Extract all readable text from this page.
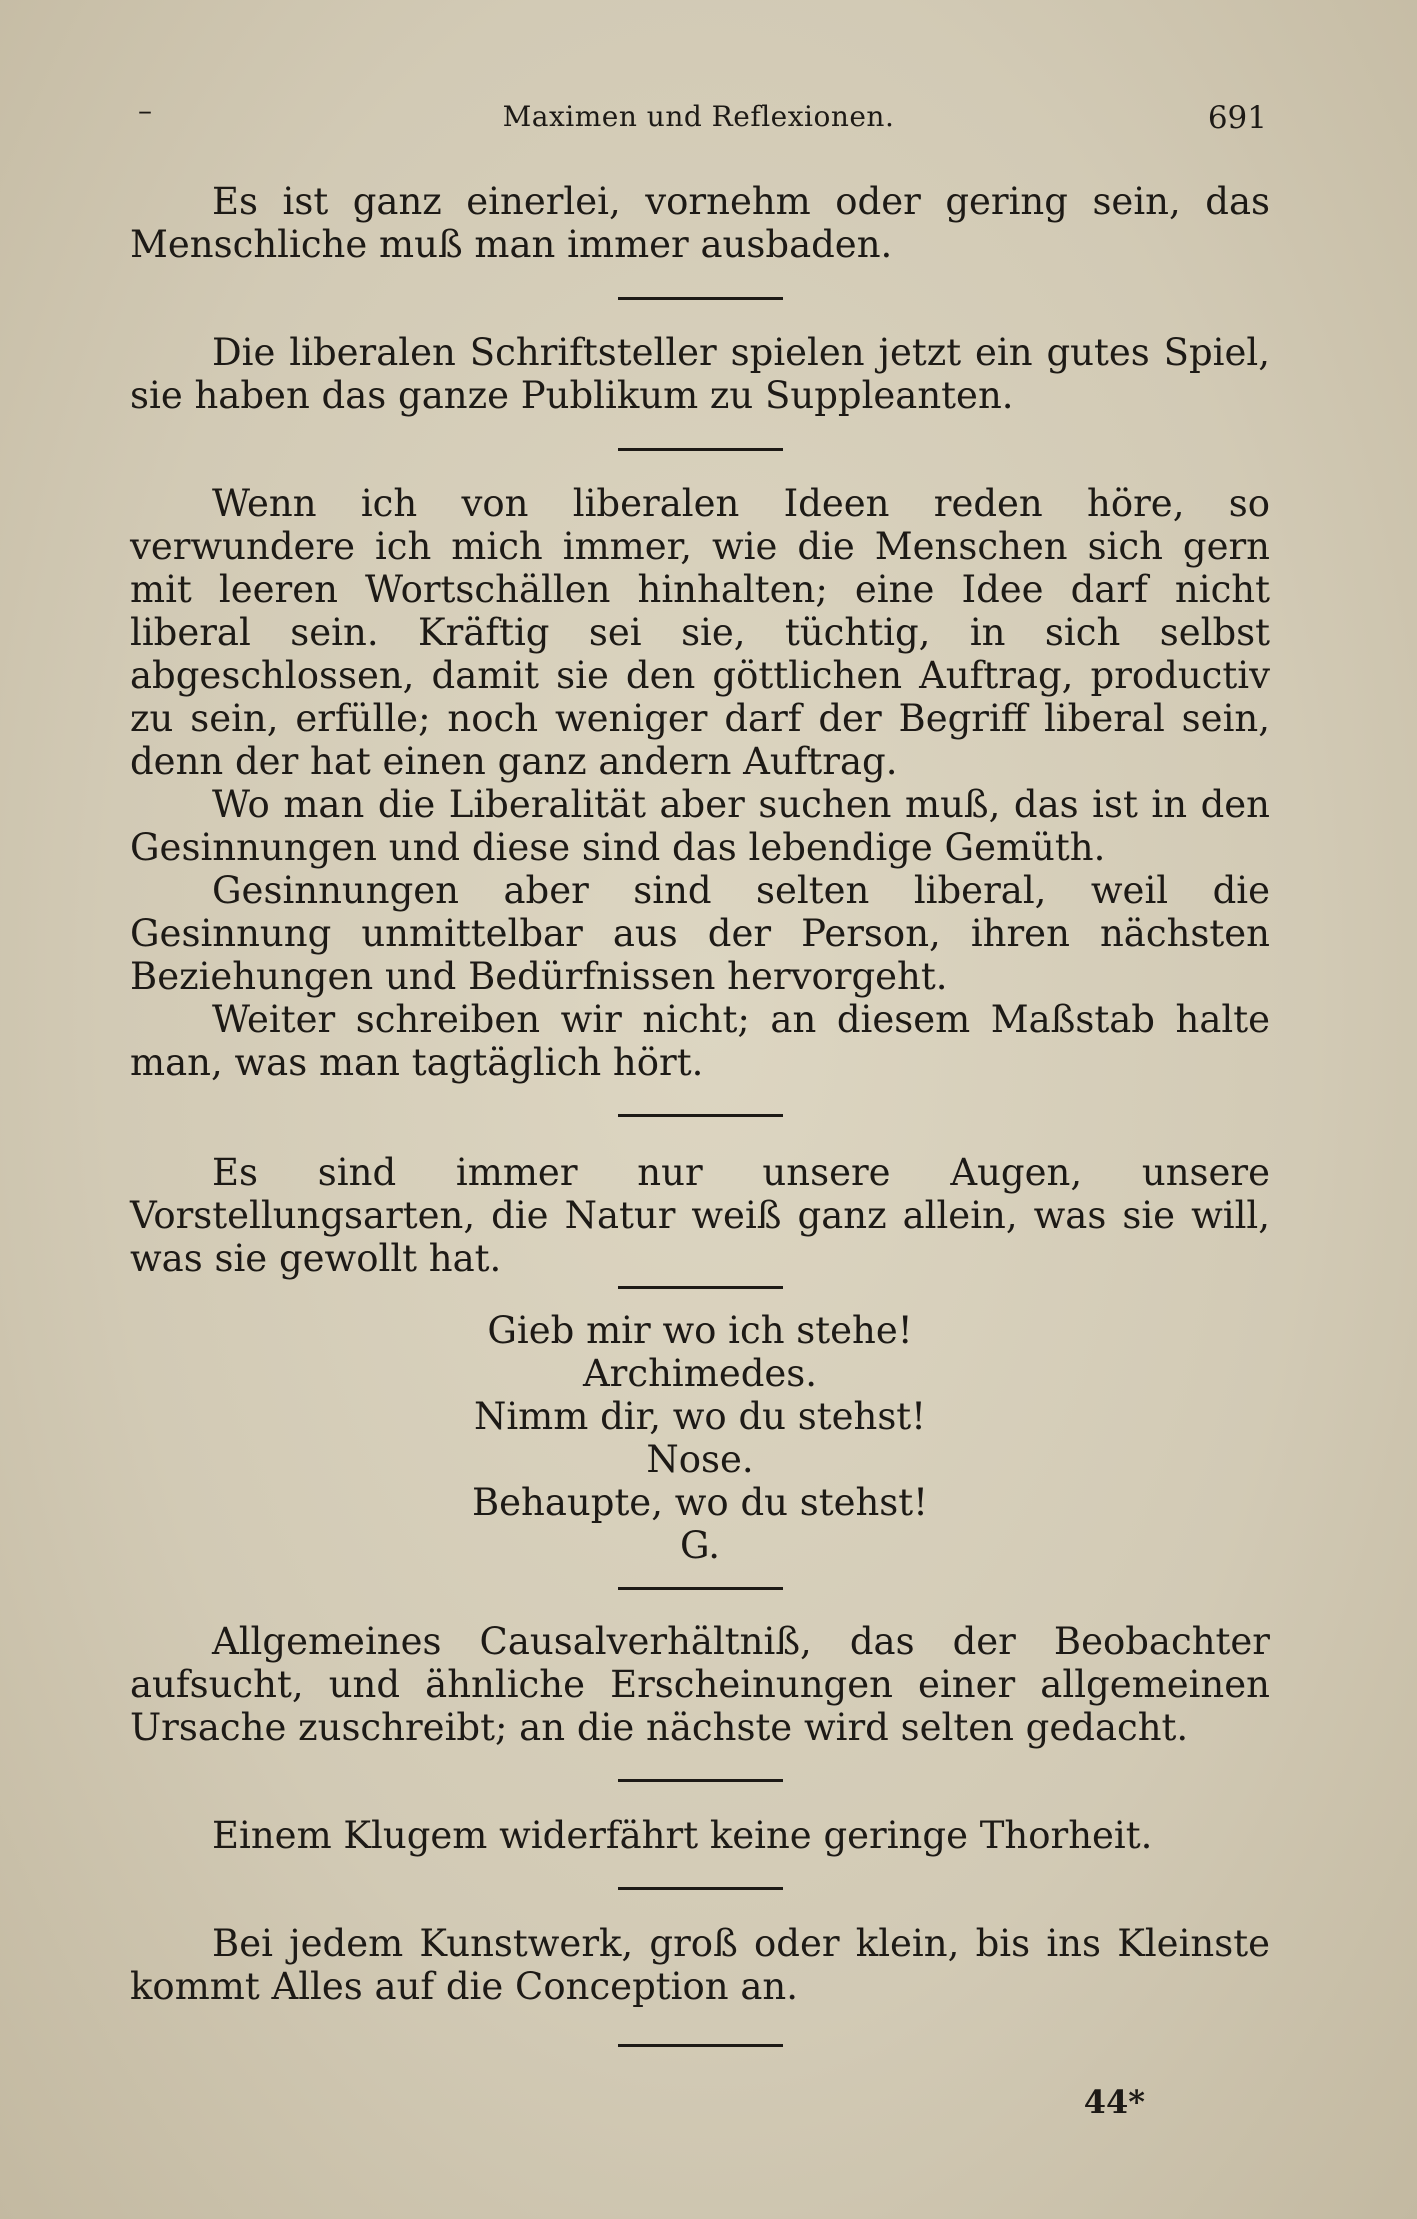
–	Maximen und Reflexionen.	691

Es ist ganz einerlei, vornehm oder gering sein, das Menschliche muß man immer ausbaden.

Die liberalen Schriftsteller spielen jetzt ein gutes Spiel, sie haben das ganze Publikum zu Suppleanten.

Wenn ich von liberalen Ideen reden höre, so verwundere ich mich immer, wie die Menschen sich gern mit leeren Wortschällen hinhalten; eine Idee darf nicht liberal sein. Kräftig sei sie, tüchtig, in sich selbst abgeschlossen, damit sie den göttlichen Auftrag, productiv zu sein, erfülle; noch weniger darf der Begriff liberal sein, denn der hat einen ganz andern Auftrag.

Wo man die Liberalität aber suchen muß, das ist in den Gesinnungen und diese sind das lebendige Gemüth.

Gesinnungen aber sind selten liberal, weil die Gesinnung unmittelbar aus der Person, ihren nächsten Beziehungen und Bedürfnissen hervorgeht.

Weiter schreiben wir nicht; an diesem Maßstab halte man, was man tagtäglich hört.

Es sind immer nur unsere Augen, unsere Vorstellungsarten, die Natur weiß ganz allein, was sie will, was sie gewollt hat.

Gieb mir wo ich stehe!
Archimedes.
Nimm dir, wo du stehst!
Nose.
Behaupte, wo du stehst!
G.

Allgemeines Causalverhältniß, das der Beobachter aufsucht, und ähnliche Erscheinungen einer allgemeinen Ursache zuschreibt; an die nächste wird selten gedacht.

Einem Klugem widerfährt keine geringe Thorheit.

Bei jedem Kunstwerk, groß oder klein, bis ins Kleinste kommt Alles auf die Conception an.

44*
